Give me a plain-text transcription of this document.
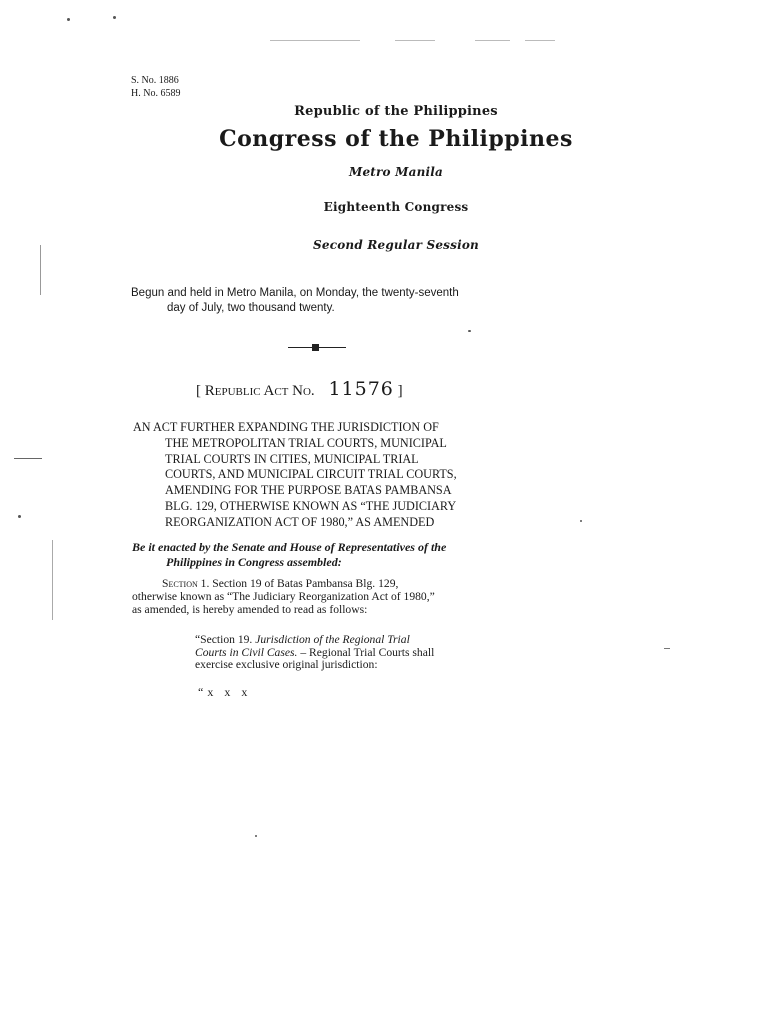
S. No. 1886
H. No. 6589
Republic of the Philippines
Congress of the Philippines
Metro Manila
Eighteenth Congress
Second Regular Session
Begun and held in Metro Manila, on Monday, the twenty-seventh
day of July, two thousand twenty.
[ Republic Act No. 11576 ]
AN ACT FURTHER EXPANDING THE JURISDICTION OF
THE METROPOLITAN TRIAL COURTS, MUNICIPAL
TRIAL COURTS IN CITIES, MUNICIPAL TRIAL
COURTS, AND MUNICIPAL CIRCUIT TRIAL COURTS,
AMENDING FOR THE PURPOSE BATAS PAMBANSA
BLG. 129, OTHERWISE KNOWN AS “THE JUDICIARY
REORGANIZATION ACT OF 1980,” AS AMENDED
Be it enacted by the Senate and House of Representatives of the
Philippines in Congress assembled:
Section 1. Section 19 of Batas Pambansa Blg. 129,
otherwise known as “The Judiciary Reorganization Act of 1980,”
as amended, is hereby amended to read as follows:
“Section 19. Jurisdiction of the Regional Trial
Courts in Civil Cases. – Regional Trial Courts shall
exercise exclusive original jurisdiction:
“x x x
